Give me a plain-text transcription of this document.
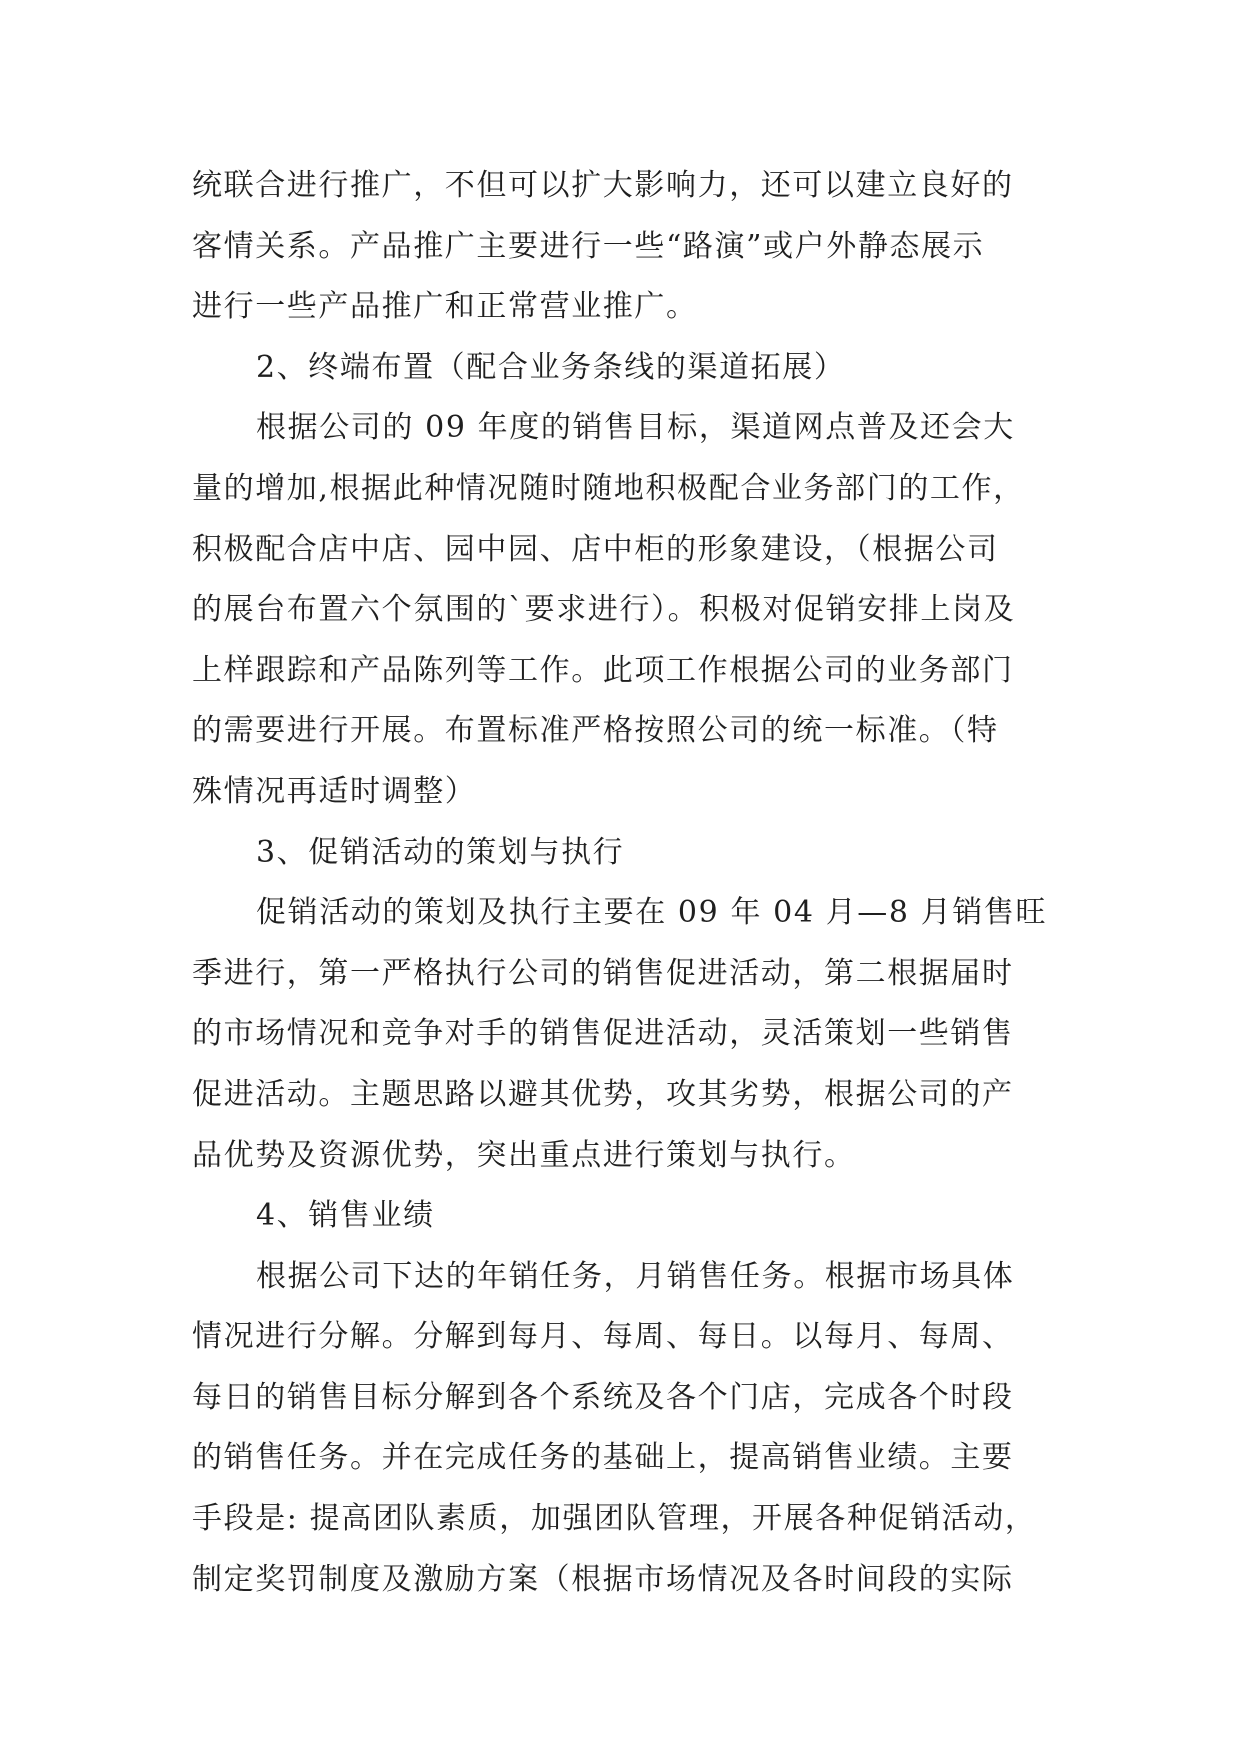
统联合进行推广，不但可以扩大影响力，还可以建立良好的
客情关系。产品推广主要进行一些“路演”或户外静态展示
进行一些产品推广和正常营业推广。
2、终端布置（配合业务条线的渠道拓展）
根据公司的 09 年度的销售目标，渠道网点普及还会大
量的增加,根据此种情况随时随地积极配合业务部门的工作，
积极配合店中店、园中园、店中柜的形象建设，（根据公司
的展台布置六个氛围的`要求进行）。积极对促销安排上岗及
上样跟踪和产品陈列等工作。此项工作根据公司的业务部门
的需要进行开展。布置标准严格按照公司的统一标准。（特
殊情况再适时调整）
3、促销活动的策划与执行
促销活动的策划及执行主要在 09 年 04 月—8 月销售旺
季进行，第一严格执行公司的销售促进活动，第二根据届时
的市场情况和竞争对手的销售促进活动，灵活策划一些销售
促进活动。主题思路以避其优势，攻其劣势，根据公司的产
品优势及资源优势，突出重点进行策划与执行。
4、销售业绩
根据公司下达的年销任务，月销售任务。根据市场具体
情况进行分解。分解到每月、每周、每日。以每月、每周、
每日的销售目标分解到各个系统及各个门店，完成各个时段
的销售任务。并在完成任务的基础上，提高销售业绩。主要
手段是: 提高团队素质，加强团队管理，开展各种促销活动，
制定奖罚制度及激励方案（根据市场情况及各时间段的实际
